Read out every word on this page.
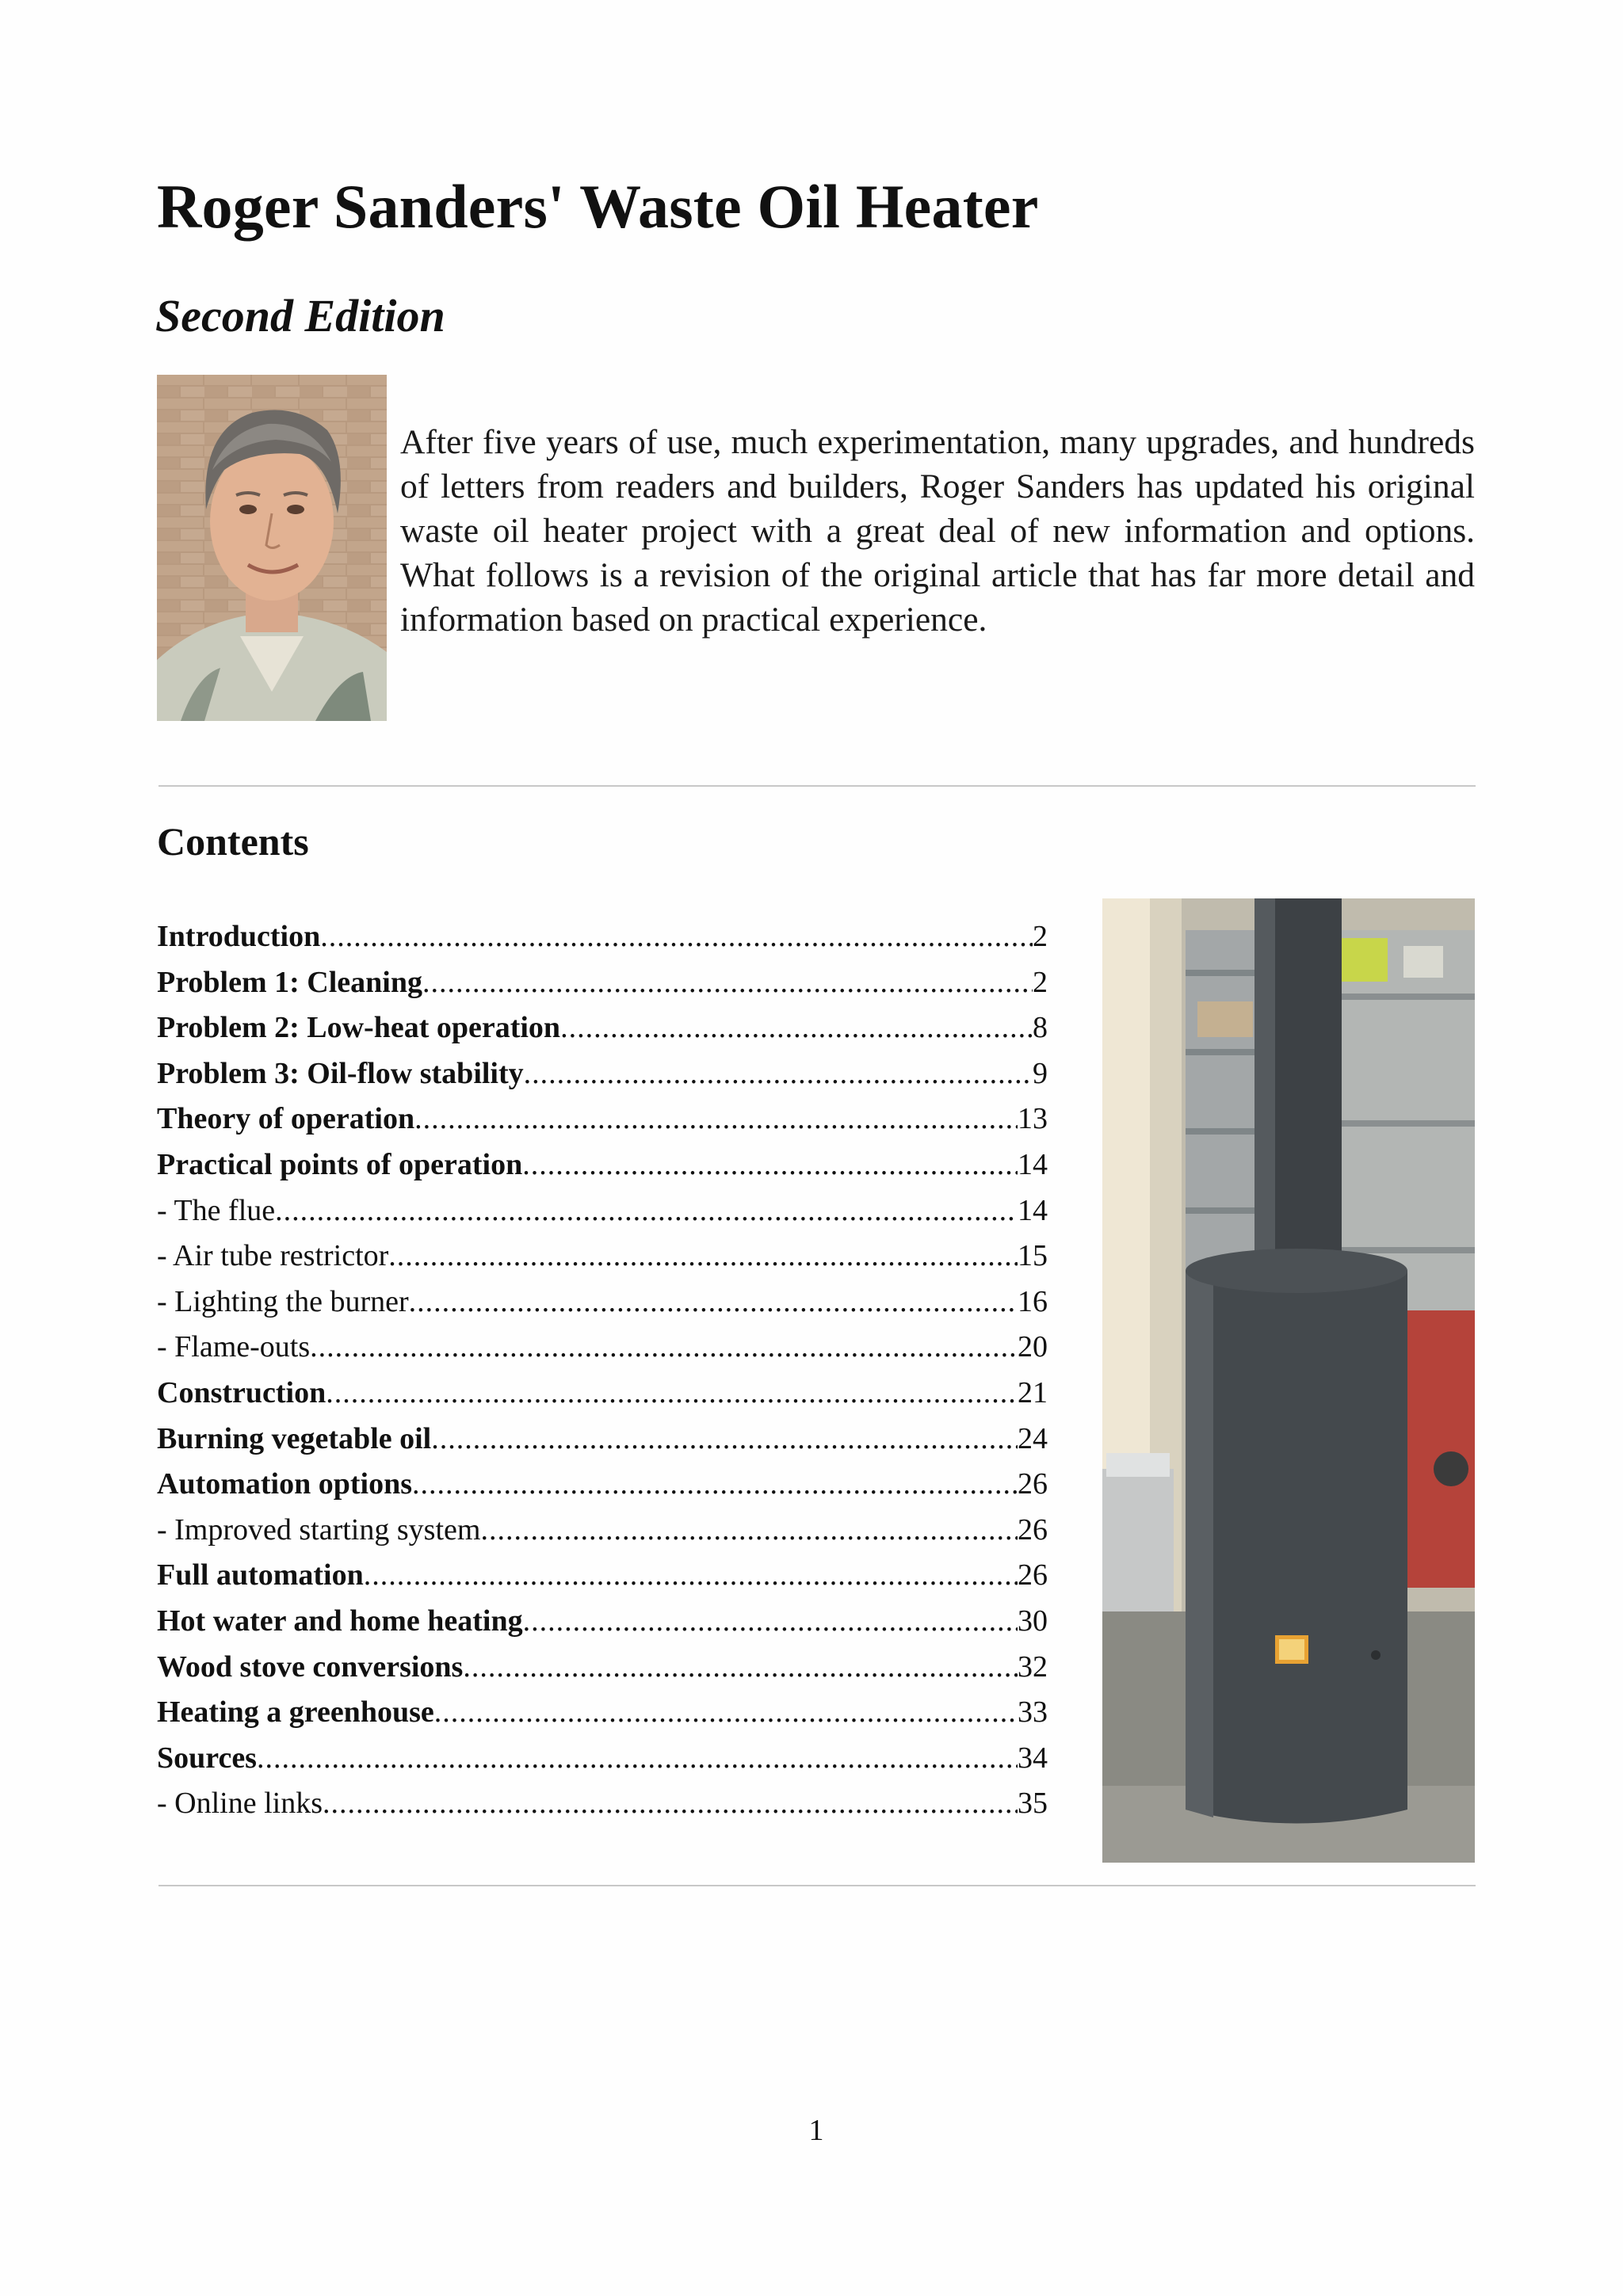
Roger Sanders' Waste Oil Heater
Second Edition

After five years of use, much experimentation, many upgrades, and hundreds of letters from readers and builders, Roger Sanders has updated his original waste oil heater project with a great deal of new information and options. What follows is a revision of the original article that has far more detail and information based on practical experience.

Contents
Introduction .....	2
Problem 1: Cleaning .....	2
Problem 2: Low-heat operation .....	8
Problem 3: Oil-flow stability .....	9
Theory of operation .....	13
Practical points of operation .....	14
- The flue .....	14
- Air tube restrictor .....	15
- Lighting the burner .....	16
- Flame-outs .....	20
Construction .....	21
Burning vegetable oil .....	24
Automation options .....	26
- Improved starting system .....	26
Full automation .....	26
Hot water and home heating .....	30
Wood stove conversions .....	32
Heating a greenhouse .....	33
Sources .....	34
- Online links .....	35
1
